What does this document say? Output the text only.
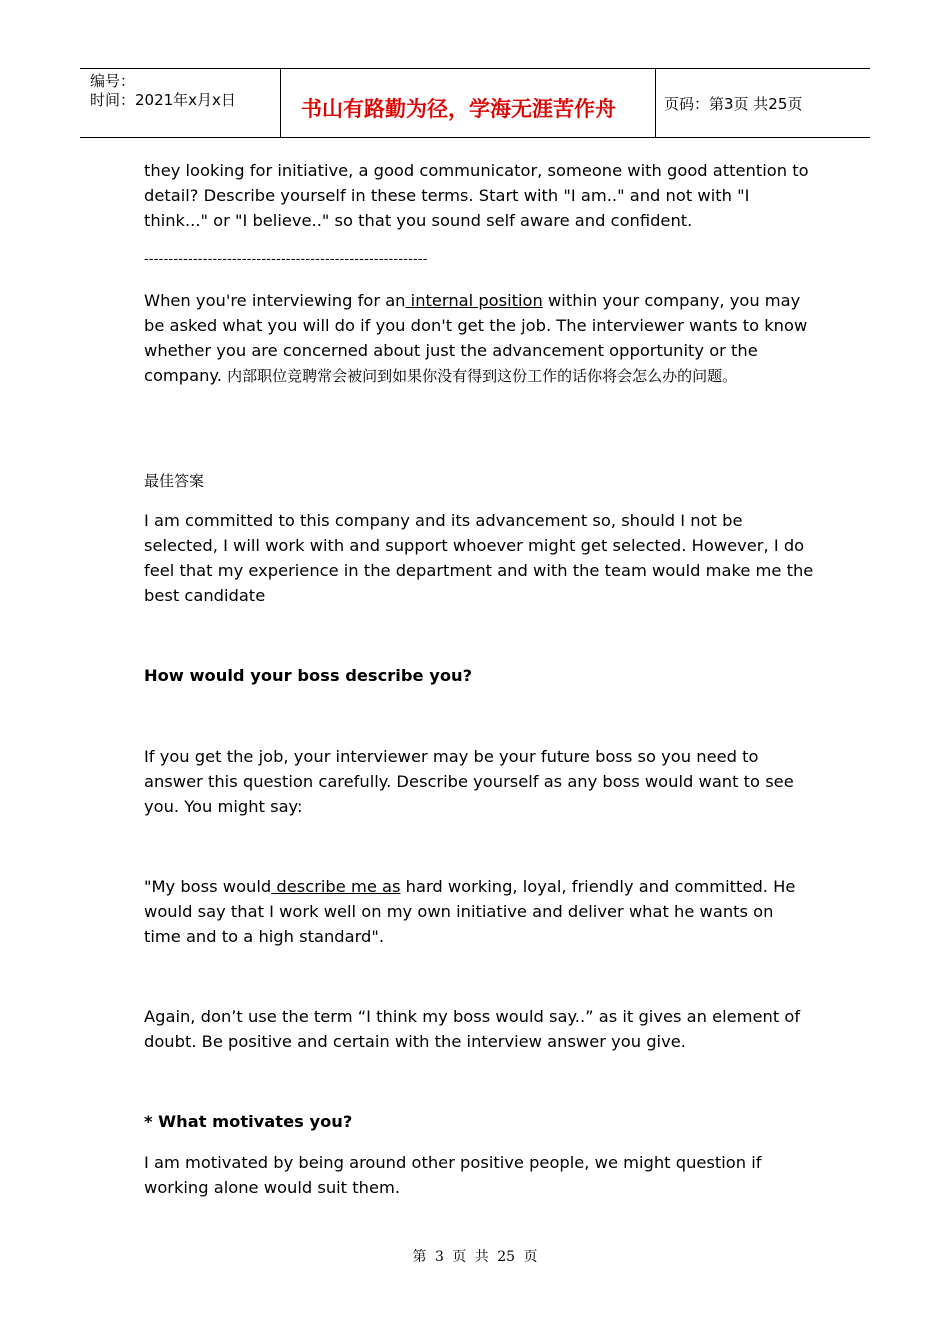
编号：
时间：2021年x月x日	书山有路勤为径，学海无涯苦作舟	页码：第3页 共25页

they looking for initiative, a good communicator, someone with good attention to detail? Describe yourself in these terms. Start with "I am.." and not with "I think..." or "I believe.." so that you sound self aware and confident.

----------------------------------------------------------

When you're interviewing for an internal position within your company, you may be asked what you will do if you don't get the job. The interviewer wants to know whether you are concerned about just the advancement opportunity or the company. 内部职位竞聘常会被问到如果你没有得到这份工作的话你将会怎么办的问题。

最佳答案

I am committed to this company and its advancement so, should I not be selected, I will work with and support whoever might get selected. However, I do feel that my experience in the department and with the team would make me the best candidate

How would your boss describe you?

If you get the job, your interviewer may be your future boss so you need to answer this question carefully. Describe yourself as any boss would want to see you. You might say:

"My boss would describe me as hard working, loyal, friendly and committed. He would say that I work well on my own initiative and deliver what he wants on time and to a high standard".

Again, don’t use the term “I think my boss would say..” as it gives an element of doubt. Be positive and certain with the interview answer you give.

* What motivates you?

I am motivated by being around other positive people, we might question if working alone would suit them.

第 3 页 共 25 页
